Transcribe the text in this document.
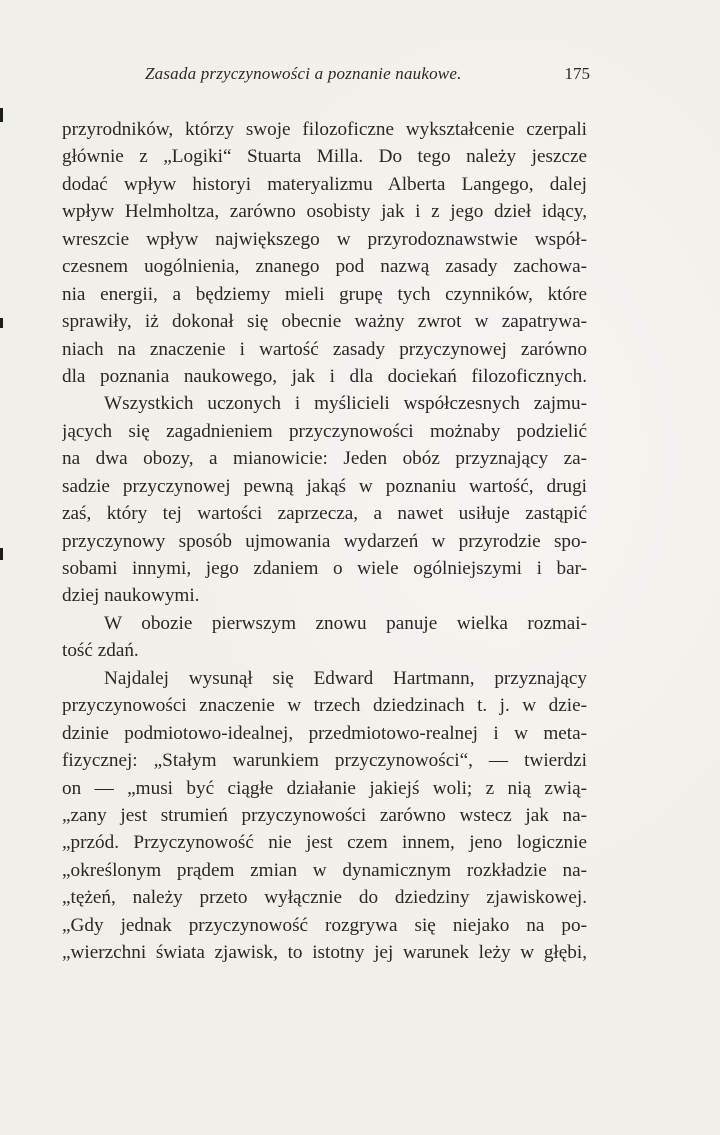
Zasada przyczynowości a poznanie naukowe.	175
przyrodników, którzy swoje filozoficzne wykształcenie czerpali
głównie z „Logiki“ Stuarta Milla. Do tego należy jeszcze
dodać wpływ historyi materyalizmu Alberta Langego, dalej
wpływ Helmholtza, zarówno osobisty jak i z jego dzieł idący,
wreszcie wpływ największego w przyrodoznawstwie współ-
czesnem uogólnienia, znanego pod nazwą zasady zachowa-
nia energii, a będziemy mieli grupę tych czynników, które
sprawiły, iż dokonał się obecnie ważny zwrot w zapatrywa-
niach na znaczenie i wartość zasady przyczynowej zarówno
dla poznania naukowego, jak i dla dociekań filozoficznych.
Wszystkich uczonych i myślicieli współczesnych zajmu-
jących się zagadnieniem przyczynowości możnaby podzielić
na dwa obozy, a mianowicie: Jeden obóz przyznający za-
sadzie przyczynowej pewną jakąś w poznaniu wartość, drugi
zaś, który tej wartości zaprzecza, a nawet usiłuje zastąpić
przyczynowy sposób ujmowania wydarzeń w przyrodzie spo-
sobami innymi, jego zdaniem o wiele ogólniejszymi i bar-
dziej naukowymi.
W obozie pierwszym znowu panuje wielka rozmai-
tość zdań.
Najdalej wysunął się Edward Hartmann, przyznający
przyczynowości znaczenie w trzech dziedzinach t. j. w dzie-
dzinie podmiotowo-idealnej, przedmiotowo-realnej i w meta-
fizycznej: „Stałym warunkiem przyczynowości“, — twierdzi
on — „musi być ciągłe działanie jakiejś woli; z nią zwią-
„zany jest strumień przyczynowości zarówno wstecz jak na-
„przód. Przyczynowość nie jest czem innem, jeno logicznie
„określonym prądem zmian w dynamicznym rozkładzie na-
„tężeń, należy przeto wyłącznie do dziedziny zjawiskowej.
„Gdy jednak przyczynowość rozgrywa się niejako na po-
„wierzchni świata zjawisk, to istotny jej warunek leży w głębi,
